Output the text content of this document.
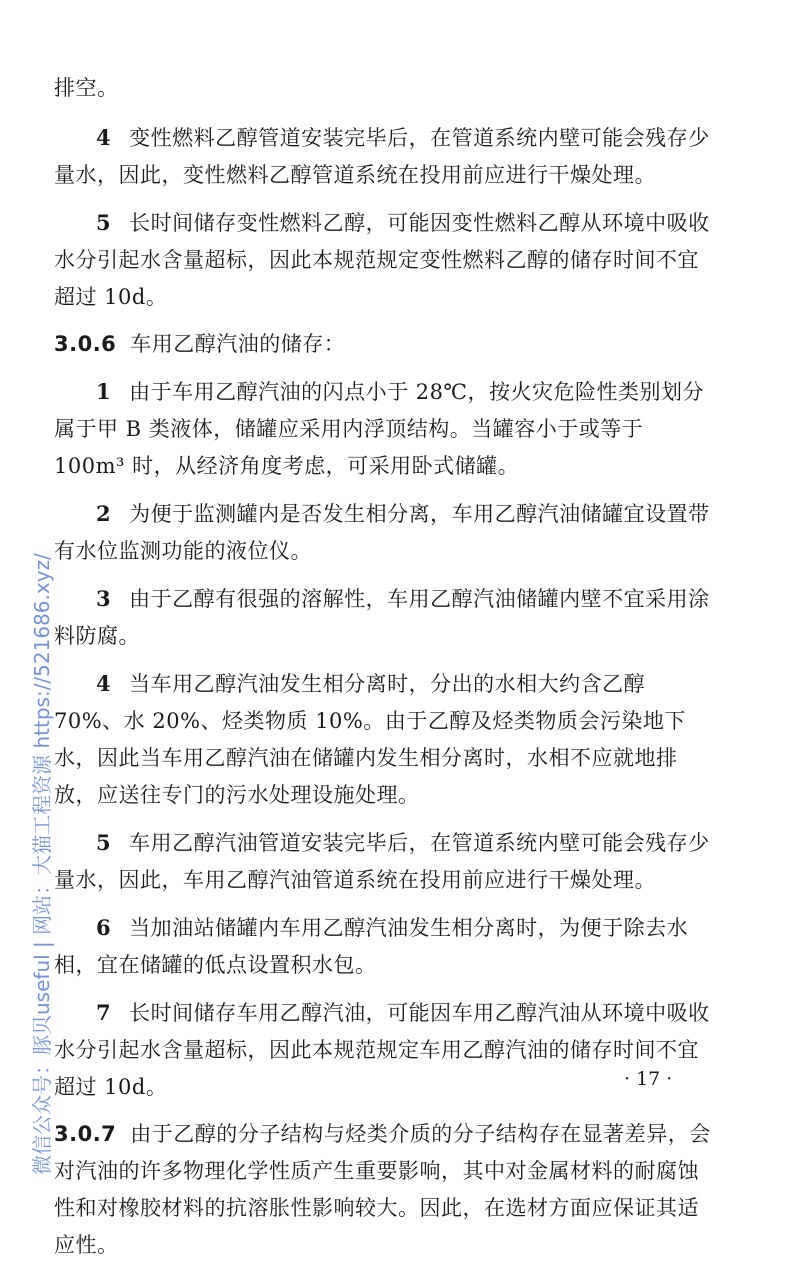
排空。

4 变性燃料乙醇管道安装完毕后，在管道系统内壁可能会残存少量水，因此，变性燃料乙醇管道系统在投用前应进行干燥处理。

5 长时间储存变性燃料乙醇，可能因变性燃料乙醇从环境中吸收水分引起水含量超标，因此本规范规定变性燃料乙醇的储存时间不宜超过 10d。

3.0.6 车用乙醇汽油的储存：

1 由于车用乙醇汽油的闪点小于 28℃，按火灾危险性类别划分属于甲 B 类液体，储罐应采用内浮顶结构。当罐容小于或等于 100m³ 时，从经济角度考虑，可采用卧式储罐。

2 为便于监测罐内是否发生相分离，车用乙醇汽油储罐宜设置带有水位监测功能的液位仪。

3 由于乙醇有很强的溶解性，车用乙醇汽油储罐内壁不宜采用涂料防腐。

4 当车用乙醇汽油发生相分离时，分出的水相大约含乙醇 70%、水 20%、烃类物质 10%。由于乙醇及烃类物质会污染地下水，因此当车用乙醇汽油在储罐内发生相分离时，水相不应就地排放，应送往专门的污水处理设施处理。

5 车用乙醇汽油管道安装完毕后，在管道系统内壁可能会残存少量水，因此，车用乙醇汽油管道系统在投用前应进行干燥处理。

6 当加油站储罐内车用乙醇汽油发生相分离时，为便于除去水相，宜在储罐的低点设置积水包。

7 长时间储存车用乙醇汽油，可能因车用乙醇汽油从环境中吸收水分引起水含量超标，因此本规范规定车用乙醇汽油的储存时间不宜超过 10d。

3.0.7 由于乙醇的分子结构与烃类介质的分子结构存在显著差异，会对汽油的许多物理化学性质产生重要影响，其中对金属材料的耐腐蚀性和对橡胶材料的抗溶胀性影响较大。因此，在选材方面应保证其适应性。

· 17 ·
微信公众号：豚贝useful | 网站：大猫工程资源 https://521686.xyz/
